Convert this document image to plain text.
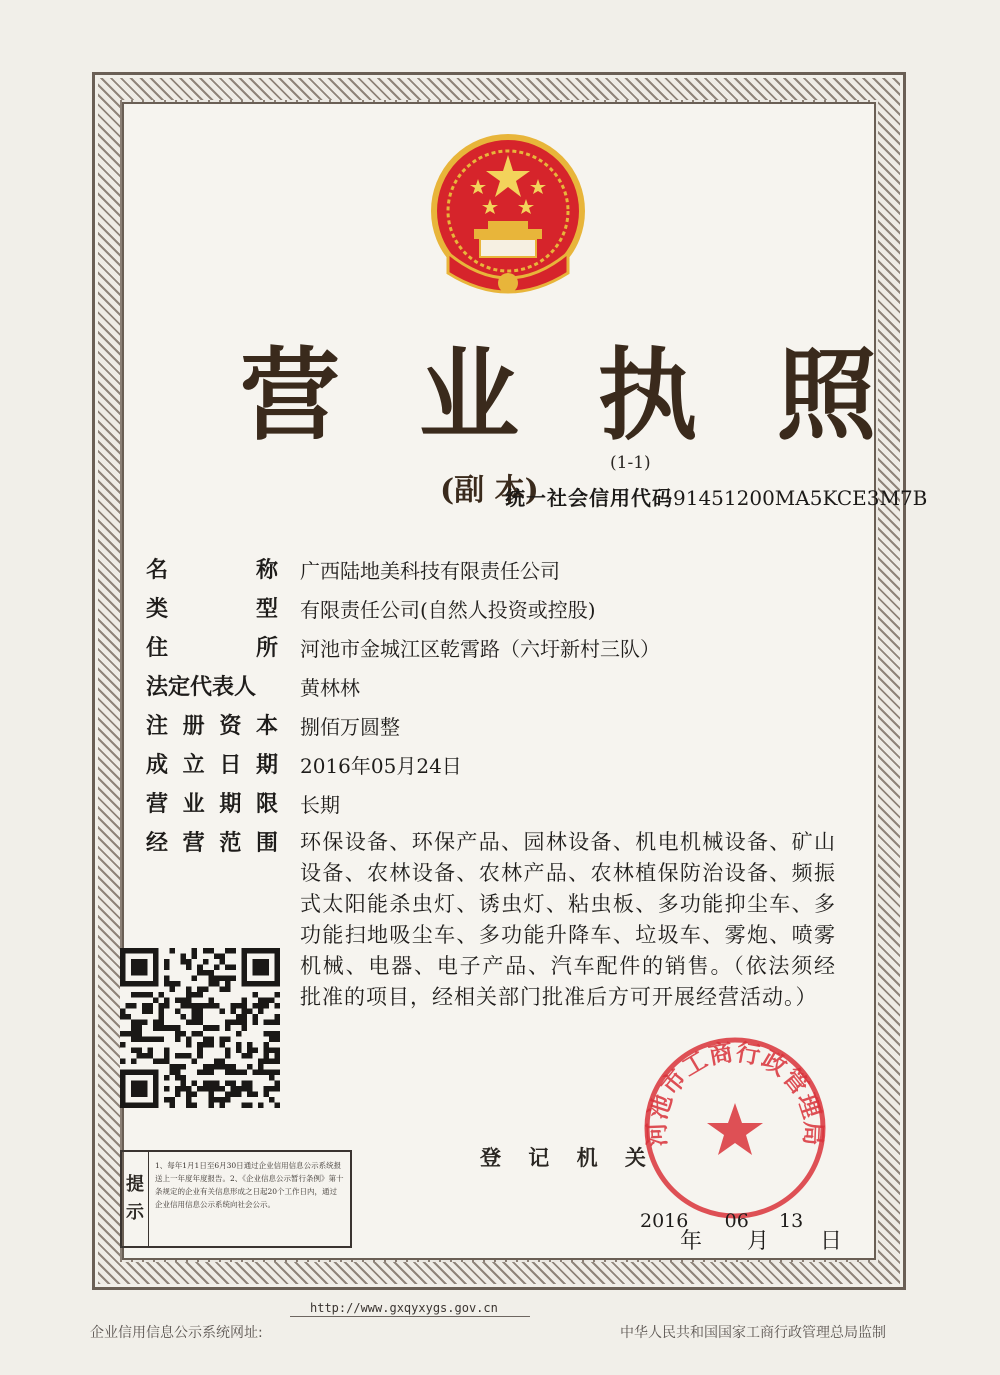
营 业 执 照
(副 本)
(1-1)
统一社会信用代码91451200MA5KCE3M7B
名	称 广西陆地美科技有限责任公司
类	型 有限责任公司(自然人投资或控股)
住	所 河池市金城江区乾霄路（六圩新村三队）
法定代表人 黄林林
注 册 资 本 捌佰万圆整
成 立 日 期 2016年05月24日
营 业 期 限 长期
经 营 范 围 环保设备、环保产品、园林设备、机电机械设备、矿山设备、农林设备、农林产品、农林植保防治设备、频振式太阳能杀虫灯、诱虫灯、粘虫板、多功能抑尘车、多功能扫地吸尘车、多功能升降车、垃圾车、雾炮、喷雾机械、电器、电子产品、汽车配件的销售。（依法须经批准的项目，经相关部门批准后方可开展经营活动。）
提
示
1、每年1月1日至6月30日通过企业信用信息公示系统报送上一年度年度报告。2、《企业信息公示暂行条例》第十条规定的企业有关信息形成之日起20个工作日内，通过企业信用信息公示系统向社会公示。
登 记 机 关
河池市工商行政管理局
2016 06 13
年 月 日
http://www.gxqyxygs.gov.cn
企业信用信息公示系统网址:	中华人民共和国国家工商行政管理总局监制
